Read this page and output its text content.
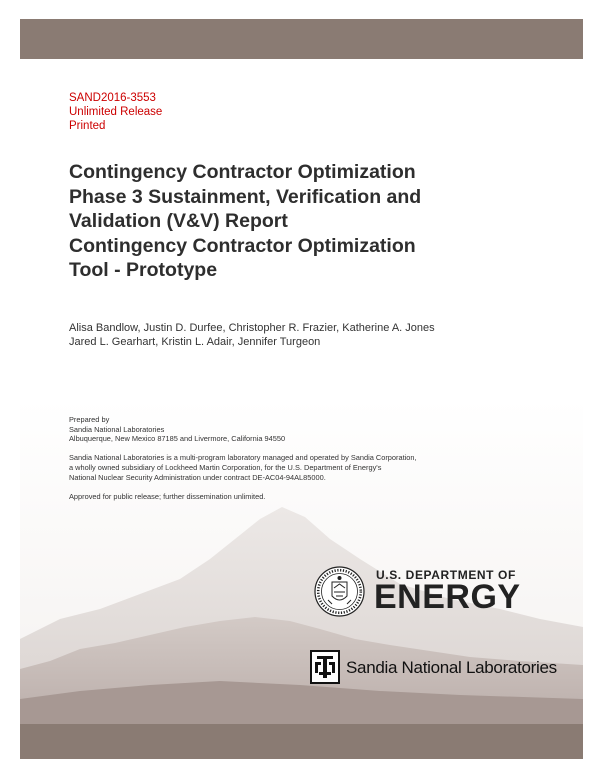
SAND2016-3553
Unlimited Release
Printed
Contingency Contractor Optimization
Phase 3 Sustainment, Verification and
Validation (V&V) Report
Contingency Contractor Optimization
Tool - Prototype
Alisa Bandlow, Justin D. Durfee, Christopher R. Frazier, Katherine A. Jones
Jared L. Gearhart, Kristin L. Adair, Jennifer Turgeon
Prepared by
Sandia National Laboratories
Albuquerque, New Mexico 87185 and Livermore, California 94550
Sandia National Laboratories is a multi-program laboratory managed and operated by Sandia Corporation,
a wholly owned subsidiary of Lockheed Martin Corporation, for the U.S. Department of Energy's
National Nuclear Security Administration under contract DE-AC04-94AL85000.
Approved for public release; further dissemination unlimited.
U.S. DEPARTMENT OF
ENERGY
Sandia National Laboratories
